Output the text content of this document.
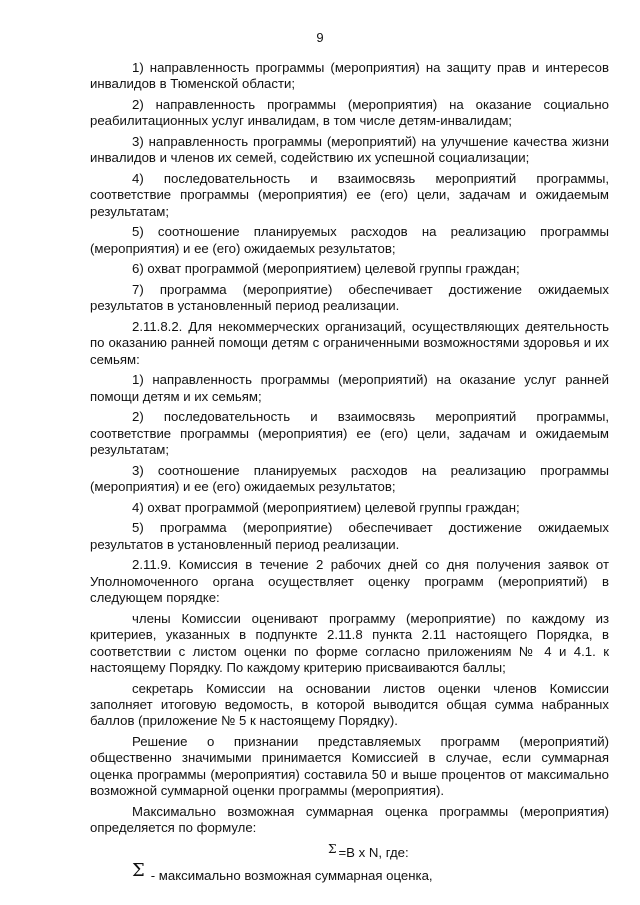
9

1) направленность программы (мероприятия) на защиту прав и интересов инвалидов в Тюменской области;

2) направленность программы (мероприятия) на оказание социально реабилитационных услуг инвалидам, в том числе детям-инвалидам;

3) направленность программы (мероприятий) на улучшение качества жизни инвалидов и членов их семей, содействию их успешной социализации;

4) последовательность и взаимосвязь мероприятий программы, соответствие программы (мероприятия) ее (его) цели, задачам и ожидаемым результатам;

5) соотношение планируемых расходов на реализацию программы (мероприятия) и ее (его) ожидаемых результатов;

6) охват программой (мероприятием) целевой группы граждан;

7) программа (мероприятие) обеспечивает достижение ожидаемых результатов в установленный период реализации.

2.11.8.2. Для некоммерческих организаций, осуществляющих деятельность по оказанию ранней помощи детям с ограниченными возможностями здоровья и их семьям:

1) направленность программы (мероприятий) на оказание услуг ранней помощи детям и их семьям;

2) последовательность и взаимосвязь мероприятий программы, соответствие программы (мероприятия) ее (его) цели, задачам и ожидаемым результатам;

3) соотношение планируемых расходов на реализацию программы (мероприятия) и ее (его) ожидаемых результатов;

4) охват программой (мероприятием) целевой группы граждан;

5) программа (мероприятие) обеспечивает достижение ожидаемых результатов в установленный период реализации.

2.11.9. Комиссия в течение 2 рабочих дней со дня получения заявок от Уполномоченного органа осуществляет оценку программ (мероприятий) в следующем порядке:

члены Комиссии оценивают программу (мероприятие) по каждому из критериев, указанных в подпункте 2.11.8 пункта 2.11 настоящего Порядка, в соответствии с листом оценки по форме согласно приложениям № 4 и 4.1. к настоящему Порядку. По каждому критерию присваиваются баллы;

секретарь Комиссии на основании листов оценки членов Комиссии заполняет итоговую ведомость, в которой выводится общая сумма набранных баллов (приложение № 5 к настоящему Порядку).

Решение о признании представляемых программ (мероприятий) общественно значимыми принимается Комиссией в случае, если суммарная оценка программы (мероприятия) составила 50 и выше процентов от максимально возможной суммарной оценки программы (мероприятия).

Максимально возможная суммарная оценка программы (мероприятия) определяется по формуле:

Σ =В x N, где:
Σ - максимально возможная суммарная оценка,
